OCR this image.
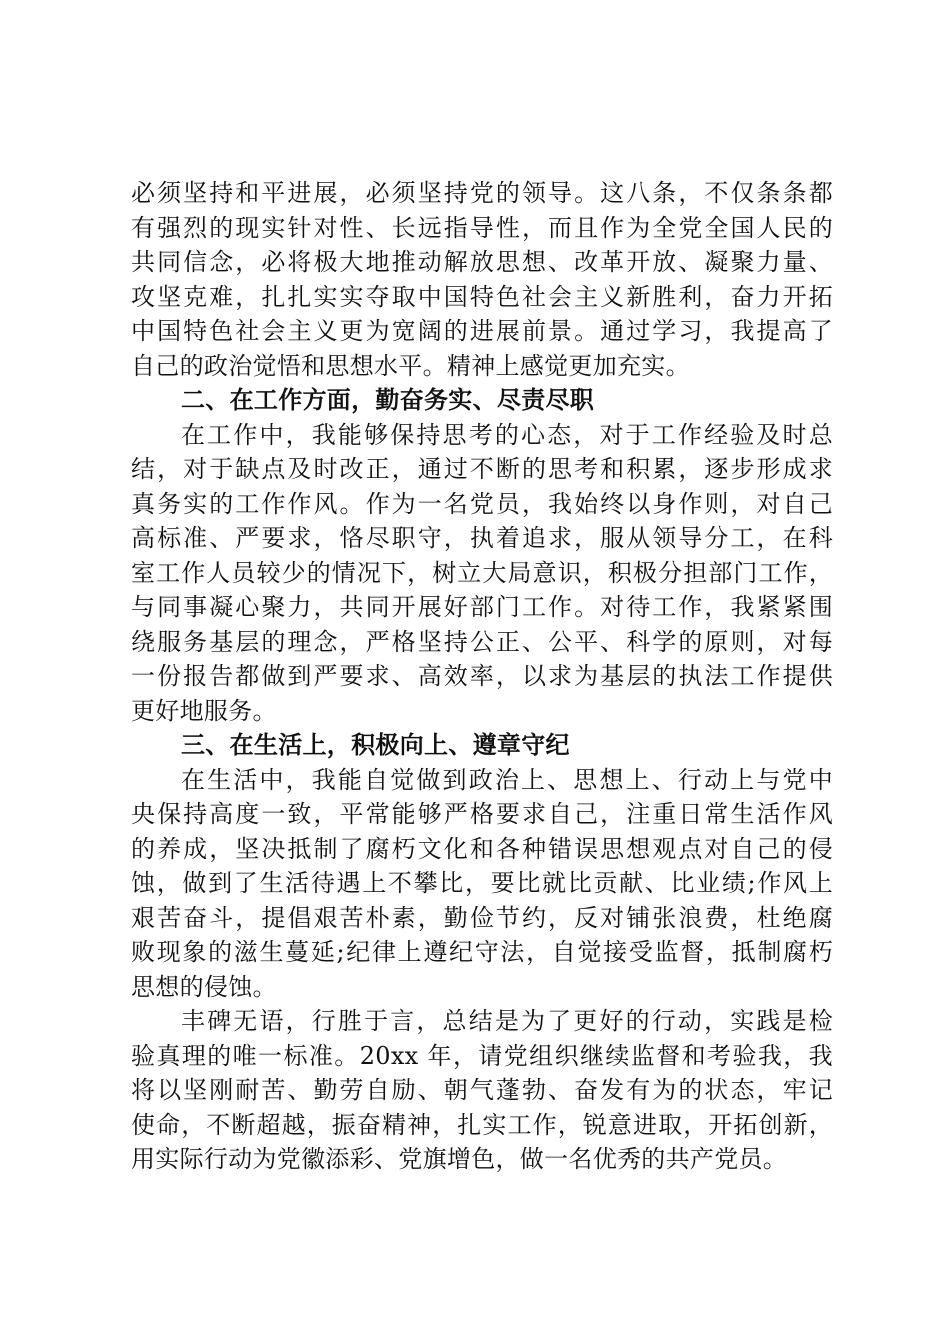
必须坚持和平进展，必须坚持党的领导。这八条，不仅条条都
有强烈的现实针对性、长远指导性，而且作为全党全国人民的
共同信念，必将极大地推动解放思想、改革开放、凝聚力量、
攻坚克难，扎扎实实夺取中国特色社会主义新胜利，奋力开拓
中国特色社会主义更为宽阔的进展前景。通过学习，我提高了
自己的政治觉悟和思想水平。精神上感觉更加充实。
二、在工作方面，勤奋务实、尽责尽职
在工作中，我能够保持思考的心态，对于工作经验及时总
结，对于缺点及时改正，通过不断的思考和积累，逐步形成求
真务实的工作作风。作为一名党员，我始终以身作则，对自己
高标准、严要求，恪尽职守，执着追求，服从领导分工，在科
室工作人员较少的情况下，树立大局意识，积极分担部门工作，
与同事凝心聚力，共同开展好部门工作。对待工作，我紧紧围
绕服务基层的理念，严格坚持公正、公平、科学的原则，对每
一份报告都做到严要求、高效率，以求为基层的执法工作提供
更好地服务。
三、在生活上，积极向上、遵章守纪
在生活中，我能自觉做到政治上、思想上、行动上与党中
央保持高度一致，平常能够严格要求自己，注重日常生活作风
的养成，坚决抵制了腐朽文化和各种错误思想观点对自己的侵
蚀，做到了生活待遇上不攀比，要比就比贡献、比业绩;作风上
艰苦奋斗，提倡艰苦朴素，勤俭节约，反对铺张浪费，杜绝腐
败现象的滋生蔓延;纪律上遵纪守法，自觉接受监督，抵制腐朽
思想的侵蚀。
丰碑无语，行胜于言，总结是为了更好的行动，实践是检
验真理的唯一标准。20xx 年，请党组织继续监督和考验我，我
将以坚刚耐苦、勤劳自励、朝气蓬勃、奋发有为的状态，牢记
使命，不断超越，振奋精神，扎实工作，锐意进取，开拓创新，
用实际行动为党徽添彩、党旗增色，做一名优秀的共产党员。
